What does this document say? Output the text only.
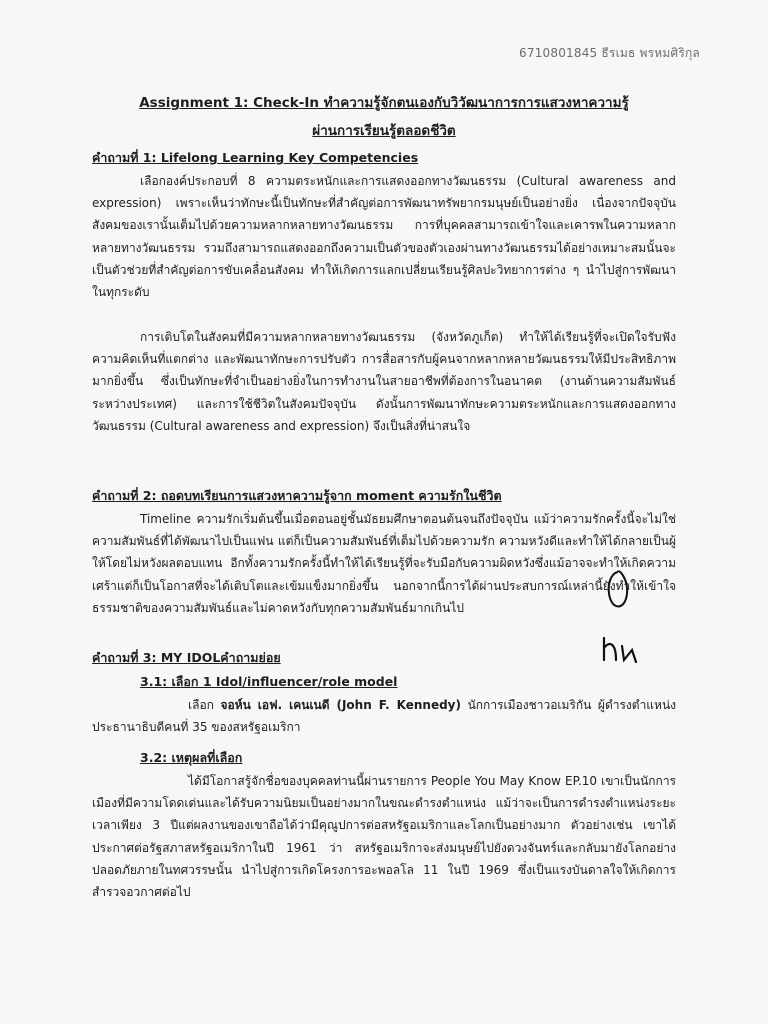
6710801845 ธีรเมธ พรหมศิริกุล
Assignment 1: Check-In ทำความรู้จักตนเองกับวิวัฒนาการการแสวงหาความรู้
ผ่านการเรียนรู้ตลอดชีวิต
คำถามที่ 1: Lifelong Learning Key Competencies
เลือกองค์ประกอบที่ 8 ความตระหนักและการแสดงออกทางวัฒนธรรม (Cultural awareness and expression) เพราะเห็นว่าทักษะนี้เป็นทักษะที่สำคัญต่อการพัฒนาทรัพยากรมนุษย์เป็นอย่างยิ่ง เนื่องจากปัจจุบันสังคมของเรานั้นเต็มไปด้วยความหลากหลายทางวัฒนธรรม การที่บุคคลสามารถเข้าใจและเคารพในความหลากหลายทางวัฒนธรรม รวมถึงสามารถแสดงออกถึงความเป็นตัวของตัวเองผ่านทางวัฒนธรรมได้อย่างเหมาะสมนั้นจะเป็นตัวช่วยที่สำคัญต่อการขับเคลื่อนสังคม ทำให้เกิดการแลกเปลี่ยนเรียนรู้ศิลปะวิทยาการต่าง ๆ นำไปสู่การพัฒนาในทุกระดับ
การเติบโตในสังคมที่มีความหลากหลายทางวัฒนธรรม (จังหวัดภูเก็ต) ทำให้ได้เรียนรู้ที่จะเปิดใจรับฟังความคิดเห็นที่แตกต่าง และพัฒนาทักษะการปรับตัว การสื่อสารกับผู้คนจากหลากหลายวัฒนธรรมให้มีประสิทธิภาพมากยิ่งขึ้น ซึ่งเป็นทักษะที่จำเป็นอย่างยิ่งในการทำงานในสายอาชีพที่ต้องการในอนาคต (งานด้านความสัมพันธ์ระหว่างประเทศ) และการใช้ชีวิตในสังคมปัจจุบัน ดังนั้นการพัฒนาทักษะความตระหนักและการแสดงออกทางวัฒนธรรม (Cultural awareness and expression) จึงเป็นสิ่งที่น่าสนใจ
คำถามที่ 2: ถอดบทเรียนการแสวงหาความรู้จาก moment ความรักในชีวิต
Timeline ความรักเริ่มต้นขึ้นเมื่อตอนอยู่ชั้นมัธยมศึกษาตอนต้นจนถึงปัจจุบัน แม้ว่าความรักครั้งนี้จะไม่ใช่ความสัมพันธ์ที่ได้พัฒนาไปเป็นแฟน แต่ก็เป็นความสัมพันธ์ที่เต็มไปด้วยความรัก ความหวังดีและทำให้ได้กลายเป็นผู้ให้โดยไม่หวังผลตอบแทน อีกทั้งความรักครั้งนี้ทำให้ได้เรียนรู้ที่จะรับมือกับความผิดหวังซึ่งแม้อาจจะทำให้เกิดความเศร้าแต่ก็เป็นโอกาสที่จะได้เติบโตและเข้มแข็งมากยิ่งขึ้น นอกจากนี้การได้ผ่านประสบการณ์เหล่านี้ยังทำให้เข้าใจธรรมชาติของความสัมพันธ์และไม่คาดหวังกับทุกความสัมพันธ์มากเกินไป
คำถามที่ 3: MY IDOLคำถามย่อย
3.1: เลือก 1 Idol/influencer/role model
เลือก จอห์น เอฟ. เคนเนดี (John F. Kennedy) นักการเมืองชาวอเมริกัน ผู้ดำรงตำแหน่งประธานาธิบดีคนที่ 35 ของสหรัฐอเมริกา
3.2: เหตุผลที่เลือก
ได้มีโอกาสรู้จักชื่อของบุคคลท่านนี้ผ่านรายการ People You May Know EP.10 เขาเป็นนักการเมืองที่มีความโดดเด่นและได้รับความนิยมเป็นอย่างมากในขณะดำรงตำแหน่ง แม้ว่าจะเป็นการดำรงตำแหน่งระยะเวลาเพียง 3 ปีแต่ผลงานของเขาถือได้ว่ามีคุณูปการต่อสหรัฐอเมริกาและโลกเป็นอย่างมาก ตัวอย่างเช่น เขาได้ประกาศต่อรัฐสภาสหรัฐอเมริกาในปี 1961 ว่า สหรัฐอเมริกาจะส่งมนุษย์ไปยังดวงจันทร์และกลับมายังโลกอย่างปลอดภัยภายในทศวรรษนั้น นำไปสู่การเกิดโครงการอะพอลโล 11 ในปี 1969 ซึ่งเป็นแรงบันดาลใจให้เกิดการสำรวจอวกาศต่อไป
